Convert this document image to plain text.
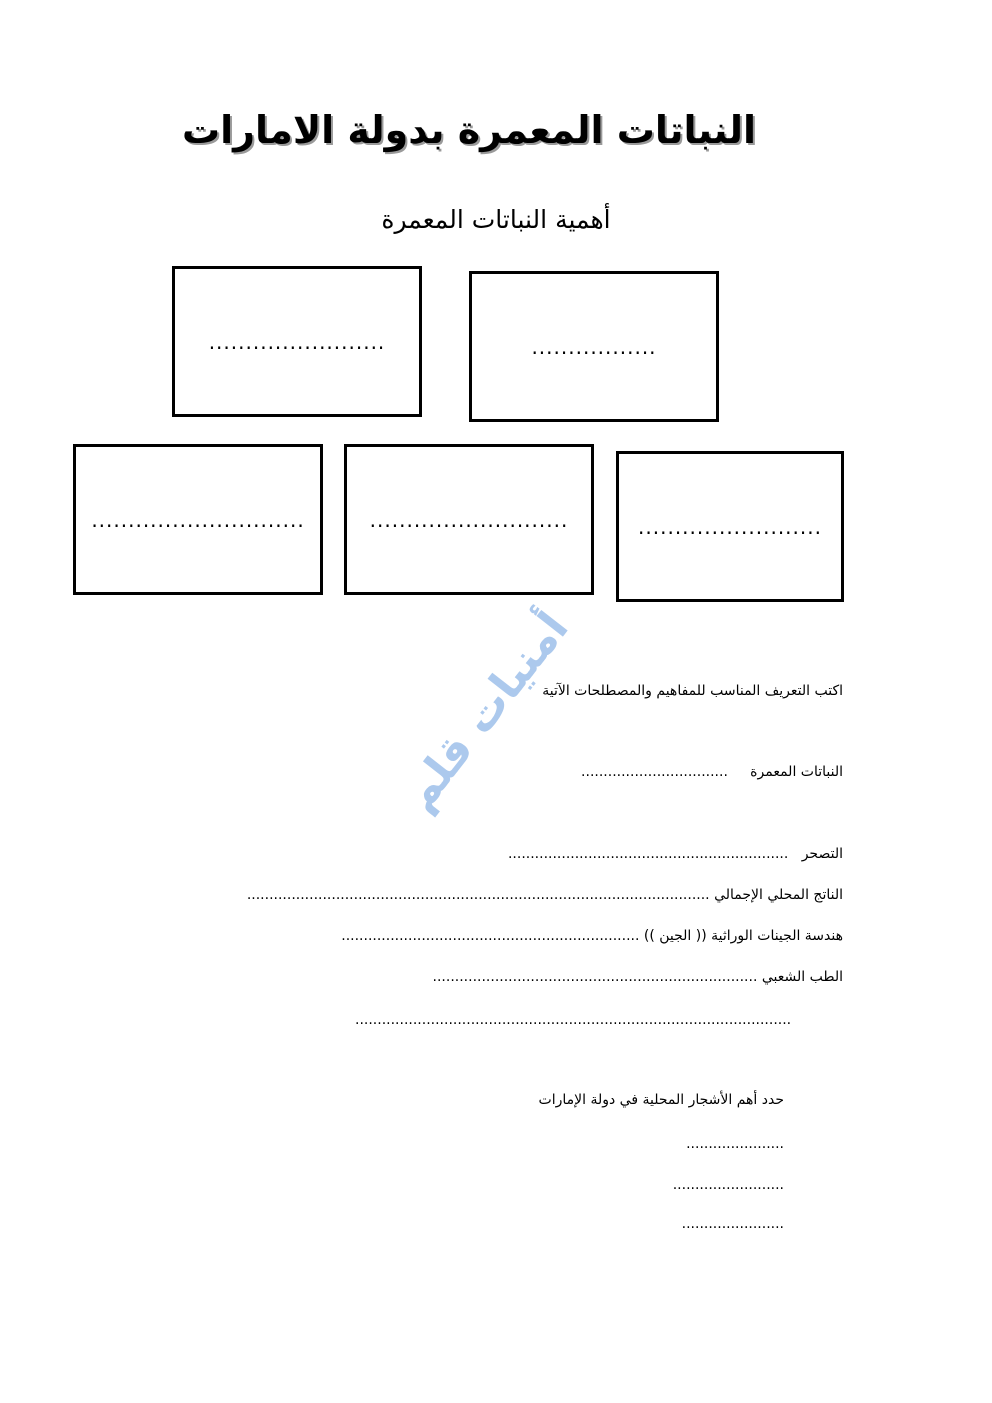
النباتات المعمرة بدولة الامارات
أهمية النباتات المعمرة
........................	.................
.............................	...........................	.........................
أمنيات قلم
اكتب التعريف المناسب للمفاهيم والمصطلحات الآتية
النباتات المعمرة     .................................
التصحر   ...............................................................
الناتج المحلي الإجمالي ........................................................................................................
هندسة الجينات الوراثية (( الجين )) ...................................................................
الطب الشعبي .........................................................................
..................................................................................................
حدد أهم الأشجار المحلية في دولة الإمارات
......................
.........................
.......................
